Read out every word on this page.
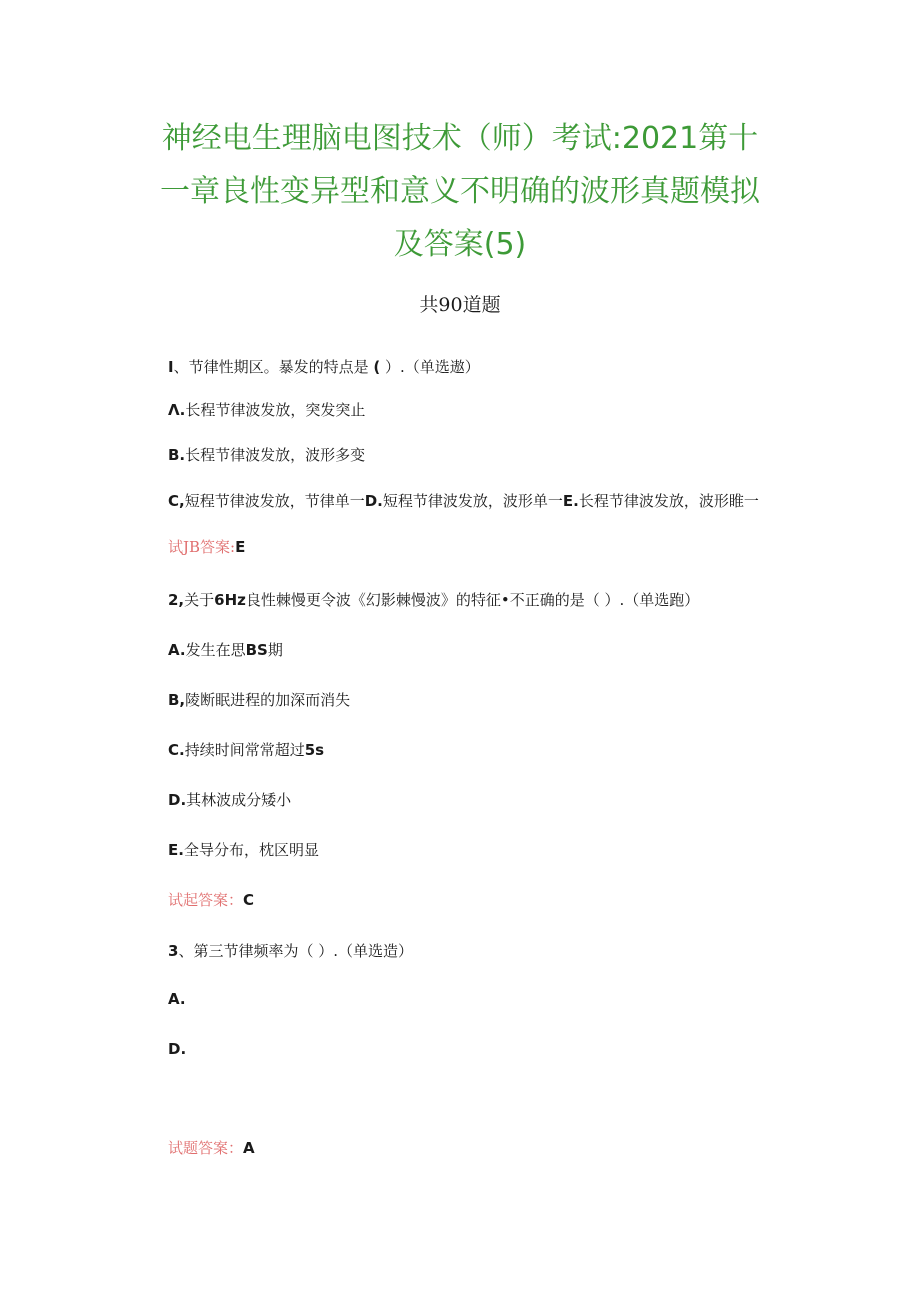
神经电生理脑电图技术（师）考试:2021第十
一章良性变异型和意义不明确的波形真题模拟
及答案(5)
共90道题
I、节律性期区。暴发的特点是 ( ）.（单选遨）
Λ.长程节律波发放，突发突止
B.长程节律波发放，波形多变
C,短程节律波发放，节律单一D.短程节律波发放，波形单一E.长程节律波发放，波形睢一
试JB答案:E
2,关于6Hz良性棘慢更令波《幻影棘慢波》的特征•不正确的是（ ）.（单选跑）
A.发生在思BS期
B,陵断眠进程的加深而消失
C.持续时间常常超过5s
D.其林波成分矮小
E.全导分布，枕区明显
试起答案：C
3、第三节律频率为（ ）.（单选造）
A.
D.
试题答案：A
